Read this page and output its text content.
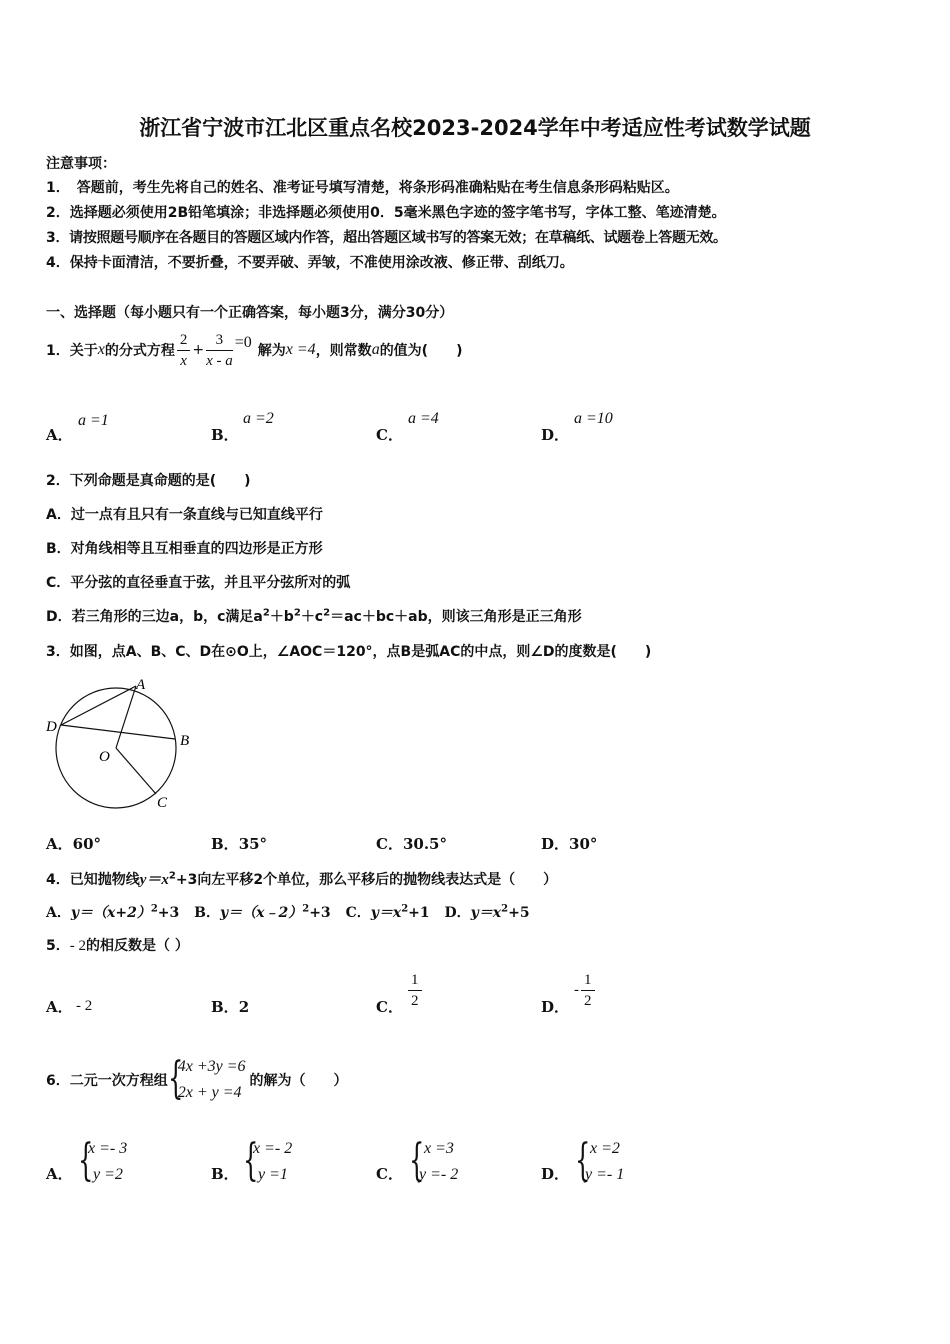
浙江省宁波市江北区重点名校2023-2024学年中考适应性考试数学试题
注意事项：
1．　答题前，考生先将自己的姓名、准考证号填写清楚，将条形码准确粘贴在考生信息条形码粘贴区。
2．选择题必须使用2B铅笔填涂；非选择题必须使用0．5毫米黑色字迹的签字笔书写，字体工整、笔迹清楚。
3．请按照题号顺序在各题目的答题区域内作答，超出答题区域书写的答案无效；在草稿纸、试题卷上答题无效。
4．保持卡面清洁，不要折叠，不要弄破、弄皱，不准使用涂改液、修正带、刮纸刀。
一、选择题（每小题只有一个正确答案，每小题3分，满分30分）
1．关于 x 的分式方程 $\frac{2}{x} + \frac{3}{x - a} =0$ 解为 x =4 ，则常数 a 的值为(　　)
A．
a =1
B．
a =2
C．
a =4
D．
a =10
2．下列命题是真命题的是(　　)
A．过一点有且只有一条直线与已知直线平行
B．对角线相等且互相垂直的四边形是正方形
C．平分弦的直径垂直于弦，并且平分弦所对的弧
D．若三角形的三边a，b，c满足$a^2+b^2+c^2=ac+bc+ab$，则该三角形是正三角形
3．如图，点A、B、C、D在⊙O上，∠AOC＝120°，点B是弧AC的中点，则∠D的度数是(　　)
A
B
C
D
O
A．60°	B．35°	C．30.5°	D．30°
4．已知抛物线$y=x^2+3$向左平移2个单位，那么平移后的抛物线表达式是（　　）
A．$y=(x+2)^2+3$ B．y＝（x﹣2）$^2$+3 C．$y=x^2+1$ D．$y=x^2+5$
5．- 2的相反数是（ ）
A． - 2	B．2	C． $\frac{1}{2}$	D．
- $\frac{1}{2}$
6．二元一次方程组 {
4x +3y =6
2x + y =4
的解为（　　）
A． {
x =- 3
y =2	B． {
x =- 2
y =1	C． { x =3
y =- 2	D． { x =2
y =- 1
